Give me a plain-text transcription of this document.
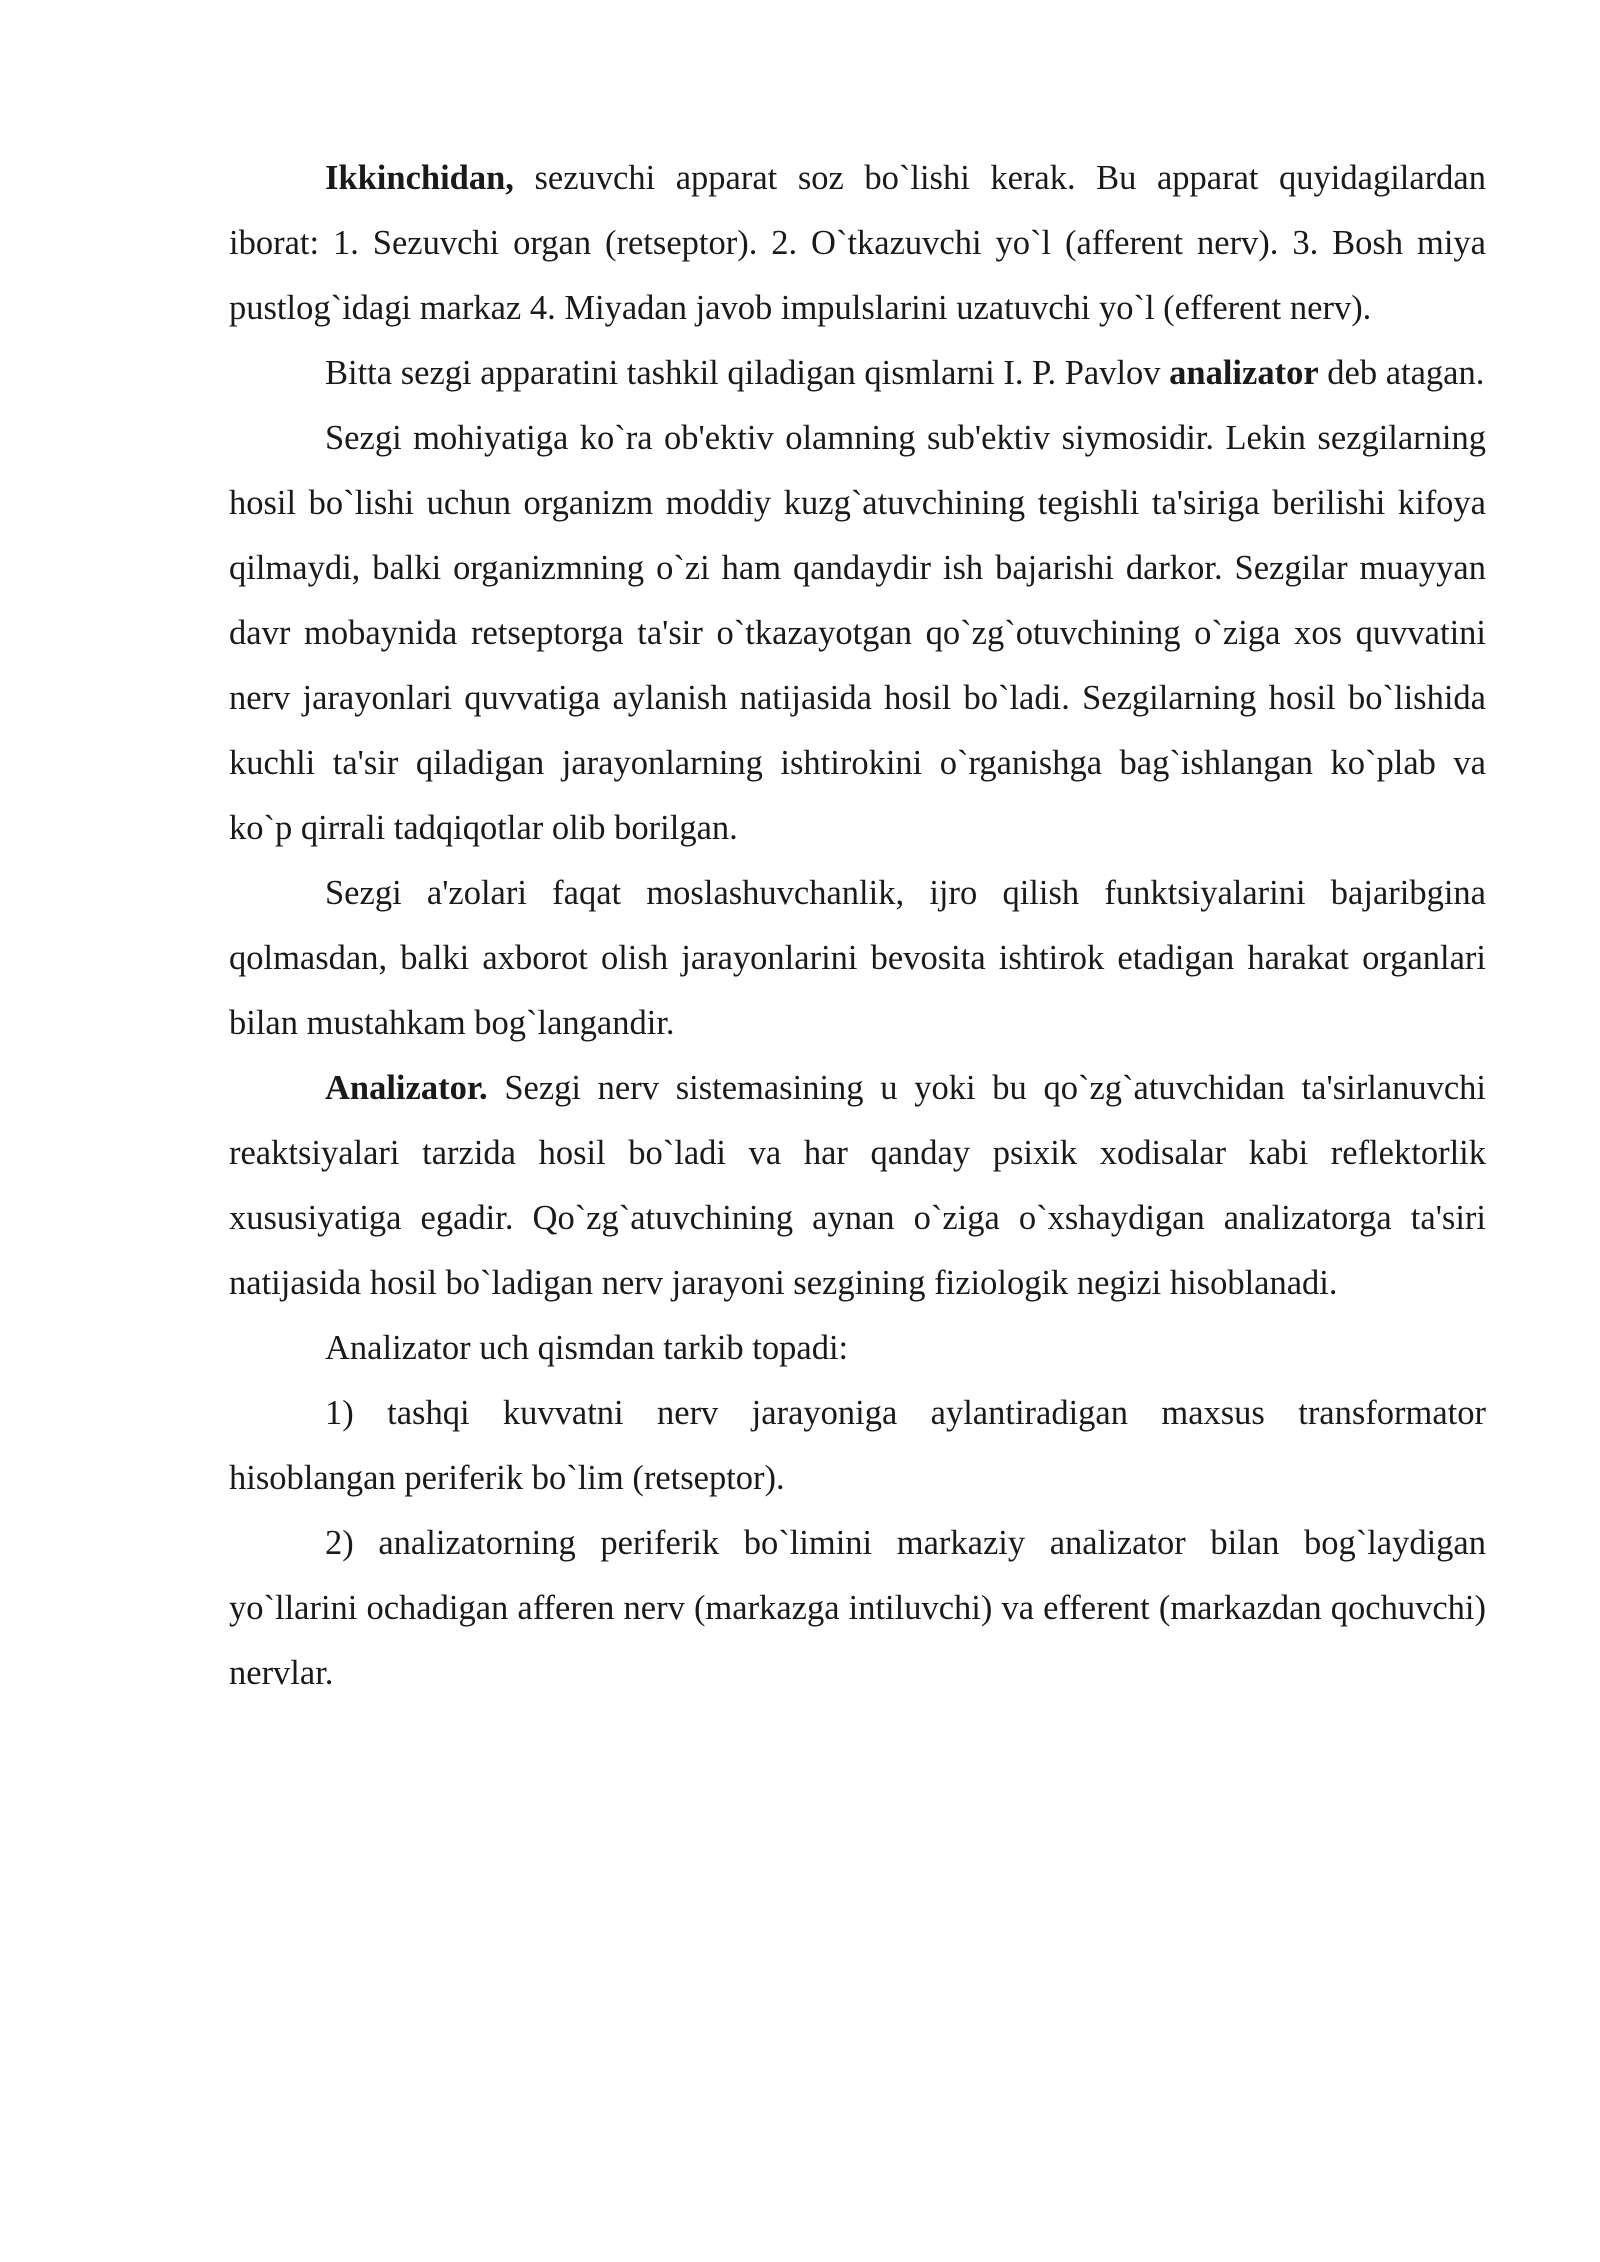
Ikkinchidan, sezuvchi apparat soz bo`lishi kerak. Bu apparat quyidagilardan iborat: 1. Sezuvchi organ (retseptor). 2. O`tkazuvchi yo`l (afferent nerv). 3. Bosh miya pustlog`idagi markaz 4. Miyadan javob impulslarini uzatuvchi yo`l (efferent nerv).

Bitta sezgi apparatini tashkil qiladigan qismlarni I. P. Pavlov analizator deb atagan.

Sezgi mohiyatiga ko`ra ob'ektiv olamning sub'ektiv siymosidir. Lekin sezgilarning hosil bo`lishi uchun organizm moddiy kuzg`atuvchining tegishli ta'siriga berilishi kifoya qilmaydi, balki organizmning o`zi ham qandaydir ish bajarishi darkor. Sezgilar muayyan davr mobaynida retseptorga ta'sir o`tkazayotgan qo`zg`otuvchining o`ziga xos quvvatini nerv jarayonlari quvvatiga aylanish natijasida hosil bo`ladi. Sezgilarning hosil bo`lishida kuchli ta'sir qiladigan jarayonlarning ishtirokini o`rganishga bag`ishlangan ko`plab va ko`p qirrali tadqiqotlar olib borilgan.

Sezgi a'zolari faqat moslashuvchanlik, ijro qilish funktsiyalarini bajaribgina qolmasdan, balki axborot olish jarayonlarini bevosita ishtirok etadigan harakat organlari bilan mustahkam bog`langandir.

Analizator. Sezgi nerv sistemasining u yoki bu qo`zg`atuvchidan ta'sirlanuvchi reaktsiyalari tarzida hosil bo`ladi va har qanday psixik xodisalar kabi reflektorlik xususiyatiga egadir. Qo`zg`atuvchining aynan o`ziga o`xshaydigan analizatorga ta'siri natijasida hosil bo`ladigan nerv jarayoni sezgining fiziologik negizi hisoblanadi.

Analizator uch qismdan tarkib topadi:

1) tashqi kuvvatni nerv jarayoniga aylantiradigan maxsus transformator hisoblangan periferik bo`lim (retseptor).

2) analizatorning periferik bo`limini markaziy analizator bilan bog`laydigan yo`llarini ochadigan afferen nerv (markazga intiluvchi) va efferent (markazdan qochuvchi) nervlar.
